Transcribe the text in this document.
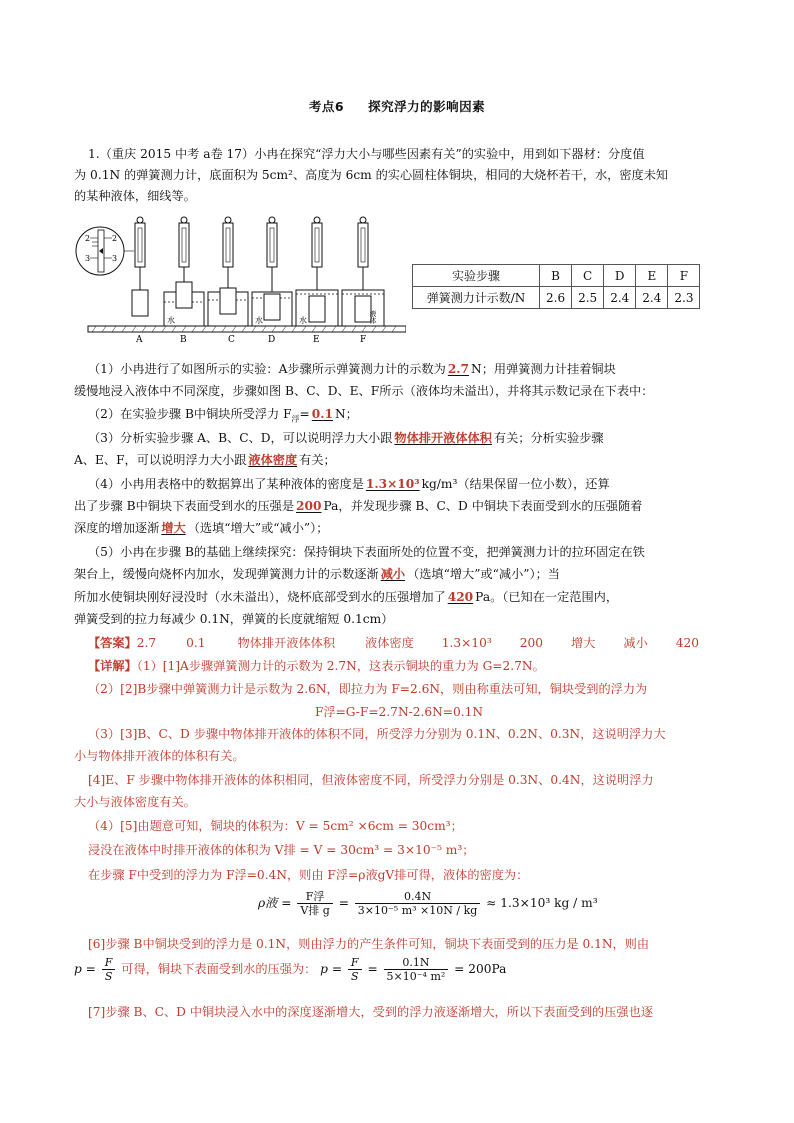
考点6 探究浮力的影响因素
1.（重庆 2015 中考 a卷 17）小冉在探究“浮力大小与哪些因素有关”的实验中，用到如下器材：分度值
为 0.1N 的弹簧测力计，底面积为 5cm²、高度为 6cm 的实心圆柱体铜块，相同的大烧杯若干，水，密度未知
的某种液体，细线等。
2
3
2
3
A
水
B	C
水
D
水
E
液体
F
实验步骤	B	C	D	E	F
弹簧测力计示数/N	2.6	2.5	2.4	2.4	2.3
（1）小冉进行了如图所示的实验：A步骤所示弹簧测力计的示数为 2.7 N；用弹簧测力计挂着铜块
缓慢地浸入液体中不同深度，步骤如图 B、C、D、E、F所示（液体均未溢出），并将其示数记录在下表中：
（2）在实验步骤 B中铜块所受浮力 $F_浮= 0.1$ N；
（3）分析实验步骤 A、B、C、D，可以说明浮力大小跟 物体排开液体体积 有关；分析实验步骤
A、E、F，可以说明浮力大小跟 液体密度 有关；
（4）小冉用表格中的数据算出了某种液体的密度是 1.3×10³ kg/m³（结果保留一位小数），还算
出了步骤 B中铜块下表面受到水的压强是 200 Pa，并发现步骤 B、C、D 中铜块下表面受到水的压强随着
深度的增加逐渐 增大 （选填“增大”或“减小”）；
（5）小冉在步骤 B的基础上继续探究：保持铜块下表面所处的位置不变，把弹簧测力计的拉环固定在铁
架台上，缓慢向烧杯内加水，发现弹簧测力计的示数逐渐 减小 （选填“增大”或“减小”）；当
所加水使铜块刚好浸没时（水未溢出），烧杯底部受到水的压强增加了 420 Pa。（已知在一定范围内，
弹簧受到的拉力每减少 0.1N，弹簧的长度就缩短 0.1cm）
【答案】2.7 0.1	物体排开液体体积 液体密度 1.3×10³ 200 增大 减小 420
【详解】（1）[1]A步骤弹簧测力计的示数为 2.7N，这表示铜块的重力为 G=2.7N。
（2）[2]B步骤中弹簧测力计是示数为 2.6N，即拉力为 F=2.6N，则由称重法可知，铜块受到的浮力为
F浮=G-F=2.7N-2.6N=0.1N
（3）[3]B、C、D 步骤中物体排开液体的体积不同，所受浮力分别为 0.1N、0.2N、0.3N，这说明浮力大
小与物体排开液体的体积有关。
[4]E、F 步骤中物体排开液体的体积相同，但液体密度不同，所受浮力分别是 0.3N、0.4N，这说明浮力
大小与液体密度有关。
（4）[5]由题意可知，铜块的体积为：V = 5cm² ×6cm = 30cm³；
浸没在液体中时排开液体的体积为 V排 = V = 30cm³ = 3×10⁻⁵ m³；
在步骤 F中受到的浮力为 F浮=0.4N，则由 F浮=ρ液gV排可得，液体的密度为：
ρ液 = $\frac{\text{F浮}}{\text{V排 g}} = \frac{0.4N}{\text{3×10⁻⁵ m³ ×10N / kg}} \approx 1.3\times 10^3$ kg / m³
[6]步骤 B中铜块受到的浮力是 0.1N，则由浮力的产生条件可知，铜块下表面受到的压力是 0.1N，则由
$p = \frac{F}{S}$ 可得，铜块下表面受到水的压强为： $p = \frac{F}{S} = \frac{0.1N}{\text{5×10⁻⁴ m²}} = 200Pa$
[7]步骤 B、C、D 中铜块浸入水中的深度逐渐增大，受到的浮力液逐渐增大，所以下表面受到的压强也逐
